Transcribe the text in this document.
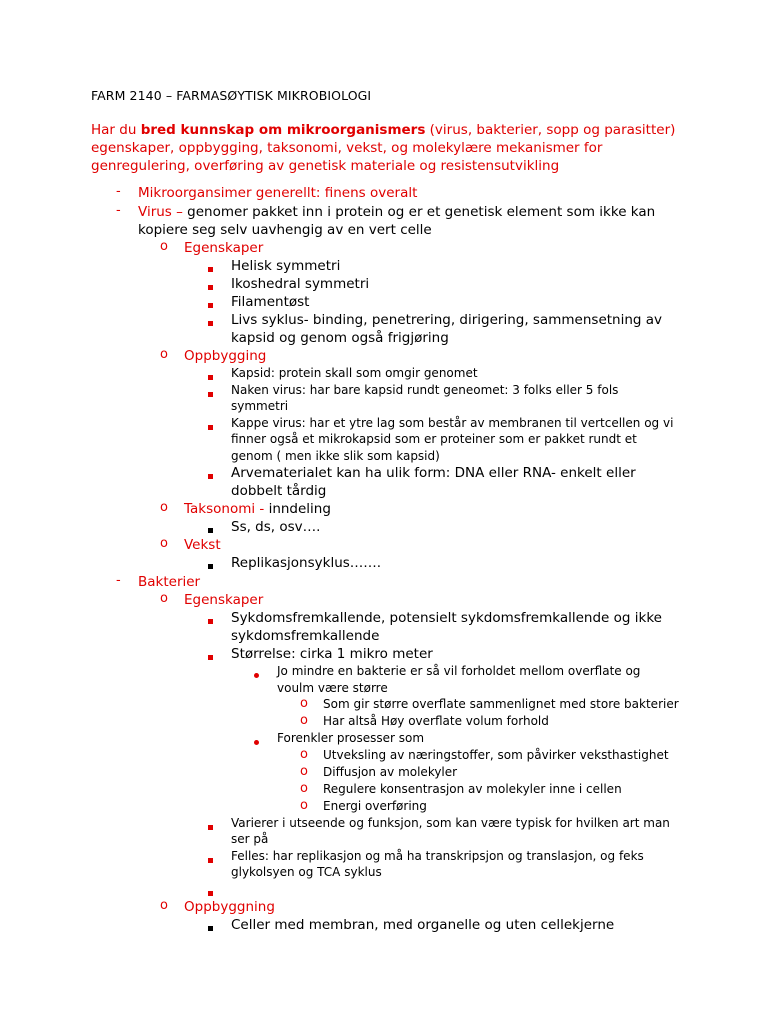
FARM 2140 – FARMASØYTISK MIKROBIOLOGI
Har du bred kunnskap om mikroorganismers (virus, bakterier, sopp og parasitter) egenskaper, oppbygging, taksonomi, vekst, og molekylære mekanismer for genregulering, overføring av genetisk materiale og resistensutvikling
- Mikroorgansimer generellt: finens overalt
- Virus – genomer pakket inn i protein og er et genetisk element som ikke kan kopiere seg selv uavhengig av en vert celle
o Egenskaper
Helisk symmetri
Ikoshedral symmetri
Filamentøst
Livs syklus- binding, penetrering, dirigering, sammensetning av kapsid og genom også frigjøring
o Oppbygging
Kapsid: protein skall som omgir genomet
Naken virus: har bare kapsid rundt geneomet: 3 folks eller 5 fols symmetri
Kappe virus: har et ytre lag som består av membranen til vertcellen og vi finner også et mikrokapsid som er proteiner som er pakket rundt et genom ( men ikke slik som kapsid)
Arvematerialet kan ha ulik form: DNA eller RNA- enkelt eller dobbelt tårdig
o Taksonomi - inndeling
Ss, ds, osv….
o Vekst
Replikasjonsyklus…….
- Bakterier
o Egenskaper
Sykdomsfremkallende, potensielt sykdomsfremkallende og ikke sykdomsfremkallende
Størrelse: cirka 1 mikro meter
Jo mindre en bakterie er så vil forholdet mellom overflate og voulm være større
o Som gir større overflate sammenlignet med store bakterier
o Har altså Høy overflate volum forhold
Forenkler prosesser som
o Utveksling av næringstoffer, som påvirker veksthastighet
o Diffusjon av molekyler
o Regulere konsentrasjon av molekyler inne i cellen
o Energi overføring
Varierer i utseende og funksjon, som kan være typisk for hvilken art man ser på
Felles: har replikasjon og må ha transkripsjon og translasjon, og feks glykolsyen og TCA syklus
o Oppbyggning
Celler med membran, med organelle og uten cellekjerne
